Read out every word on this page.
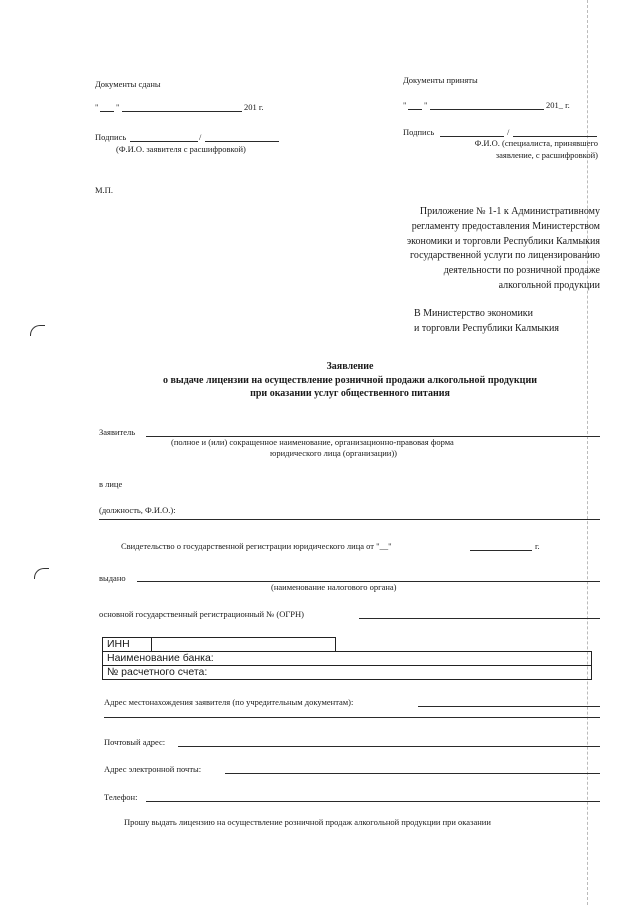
Документы сданы
" "	201 г.
Подпись	/
(Ф.И.О. заявителя с расшифровкой)
М.П.
Документы приняты
" "	201_ г.
Подпись	/
Ф.И.О. (специалиста, принявшего
заявление, с расшифровкой)
Приложение № 1-1 к Административному
регламенту предоставления Министерством
экономики и торговли Республики Калмыкия
государственной услуги по лицензированию
деятельности по розничной продаже
алкогольной продукции
В Министерство экономики
и торговли Республики Калмыкия
Заявление
о выдаче лицензии на осуществление розничной продажи алкогольной продукции
при оказании услуг общественного питания
Заявитель
(полное и (или) сокращенное наименование, организационно-правовая форма
юридического лица (организации))
в лице
(должность, Ф.И.О.):
Свидетельство о государственной регистрации юридического лица от "__"	г.
выдано
(наименование налогового органа)
основной государственный регистрационный № (ОГРН)
ИНН		
Наименование банка:
№ расчетного счета:
Адрес местонахождения заявителя (по учредительным документам):
Почтовый адрес:
Адрес электронной почты:
Телефон:
Прошу выдать лицензию на осуществление розничной продаж алкогольной продукции при оказании
